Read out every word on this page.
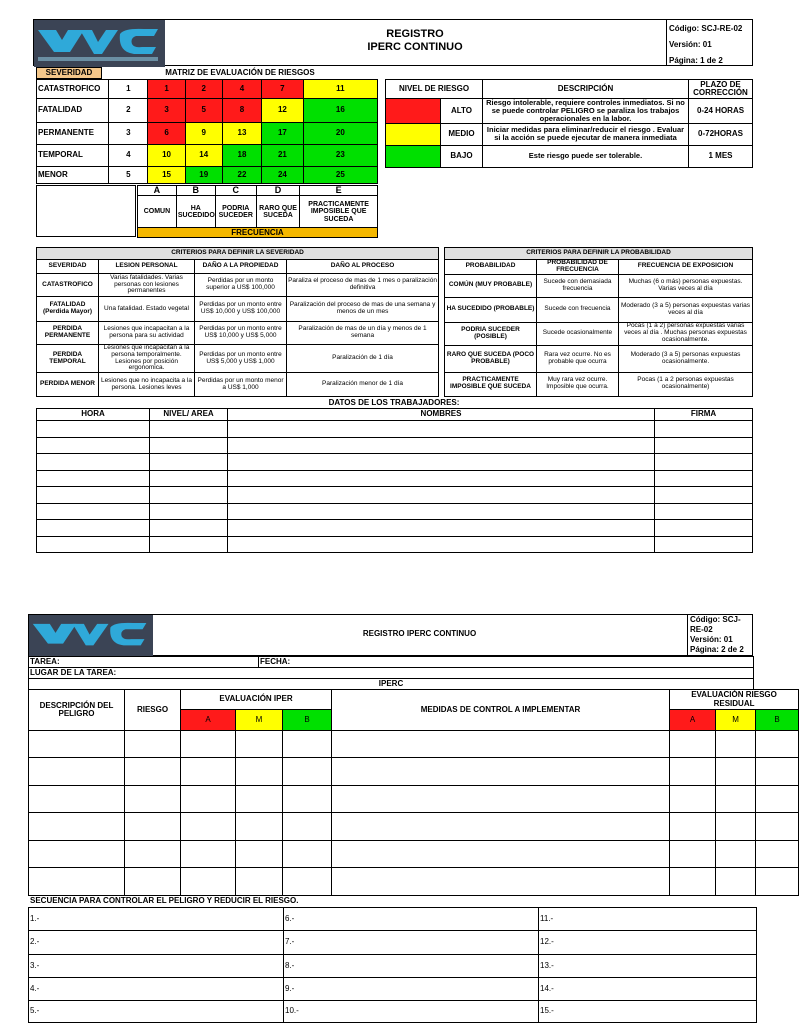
REGISTRO
IPERC CONTINUO
Código: SCJ-RE-02
Versión: 01
Página: 1 de 2
SEVERIDAD	MATRIZ DE EVALUACIÓN DE RIESGOS
CATASTROFICO	1	1	2	4	7	11
FATALIDAD	2	3	5	8	12	16
PERMANENTE	3	6	9	13	17	20
TEMPORAL	4	10	14	18	21	23
MENOR	5	15	19	22	24	25
A	B	C	D	E
COMUN	HA SUCEDIDO	PODRIA SUCEDER	RARO QUE SUCEDA	PRACTICAMENTE IMPOSIBLE QUE SUCEDA
FRECUENCIA				
NIVEL DE RIESGO		DESCRIPCIÓN	PLAZO DE CORRECCIÓN
	ALTO	Riesgo intolerable, requiere controles inmediatos. Si no se puede controlar PELIGRO se paraliza los trabajos operacionales en la labor.	0-24 HORAS
	MEDIO	Iniciar medidas para eliminar/reducir el riesgo . Evaluar si la acción se puede ejecutar de manera inmediata	0-72HORAS
	BAJO	Este riesgo puede ser tolerable.	1 MES
CRITERIOS PARA DEFINIR LA SEVERIDAD			
SEVERIDAD	LESION PERSONAL	DAÑO A LA PROPIEDAD	DAÑO AL PROCESO
CATASTROFICO	Varias fatalidades. Varias personas con lesiones permanentes	Perdidas por un monto superior a US$ 100,000	Paraliza el proceso de mas de 1 mes o paralización definitiva
FATALIDAD (Perdida Mayor)	Una fatalidad. Estado vegetal	Perdidas por un monto entre US$ 10,000 y US$ 100,000	Paralización del proceso de mas de una semana y menos de un mes
PERDIDA PERMANENTE	Lesiones que incapacitan a la persona para su actividad	Perdidas por un monto entre US$ 10,000 y US$ 5,000	Paralización de mas de un día y menos de 1 semana
PERDIDA TEMPORAL	Lesiones que incapacitan a la persona temporalmente. Lesiones por posición ergonomica.	Perdidas por un monto entre US$ 5,000 y US$ 1,000	Paralización de 1 día
PERDIDA MENOR	Lesiones que no incapacita a la persona. Lesiones leves	Perdidas por un monto menor a US$ 1,000	Paralización menor de 1 día
CRITERIOS PARA DEFINIR LA PROBABILIDAD		
PROBABILIDAD	PROBABILIDAD DE FRECUENCIA	FRECUENCIA DE EXPOSICION
COMÚN (MUY PROBABLE)	Sucede con demasiada frecuencia	Muchas (6 o más) personas expuestas. Varias veces al día
HA SUCEDIDO (PROBABLE)	Sucede con frecuencia	Moderado (3 a 5) personas expuestas varias veces al día
PODRIA SUCEDER (POSIBLE)	Sucede ocasionalmente	Pocas (1 a 2) personas expuestas varias veces al día . Muchas personas expuestas ocasionalmente.
RARO QUE SUCEDA (POCO PROBABLE)	Rara vez ocurre. No es probable que ocurra	Moderado (3 a 5) personas expuestas ocasionalmente.
PRACTICAMENTE IMPOSIBLE QUE SUCEDA	Muy rara vez ocurre. Imposible que ocurra.	Pocas (1 a 2 personas expuestas ocasionalmente)
DATOS DE LOS TRABAJADORES:
HORA	NIVEL/ AREA	NOMBRES	FIRMA

REGISTRO IPERC CONTINUO
Código: SCJ-RE-02
Versión: 01
Página: 2 de 2
TAREA:	FECHA:
LUGAR DE LA TAREA:
IPERC
DESCRIPCIÓN DEL PELIGRO	RIESGO	EVALUACIÓN IPER			MEDIDAS DE CONTROL A IMPLEMENTAR	EVALUACIÓN RIESGO RESIDUAL		
		A	M	B		A	M	B

SECUENCIA PARA CONTROLAR EL PELIGRO Y REDUCIR EL RIESGO.
1.-	6.-	11.-
2.-	7.-	12.-
3.-	8.-	13.-
4.-	9.-	14.-
5.-	10.-	15.-
